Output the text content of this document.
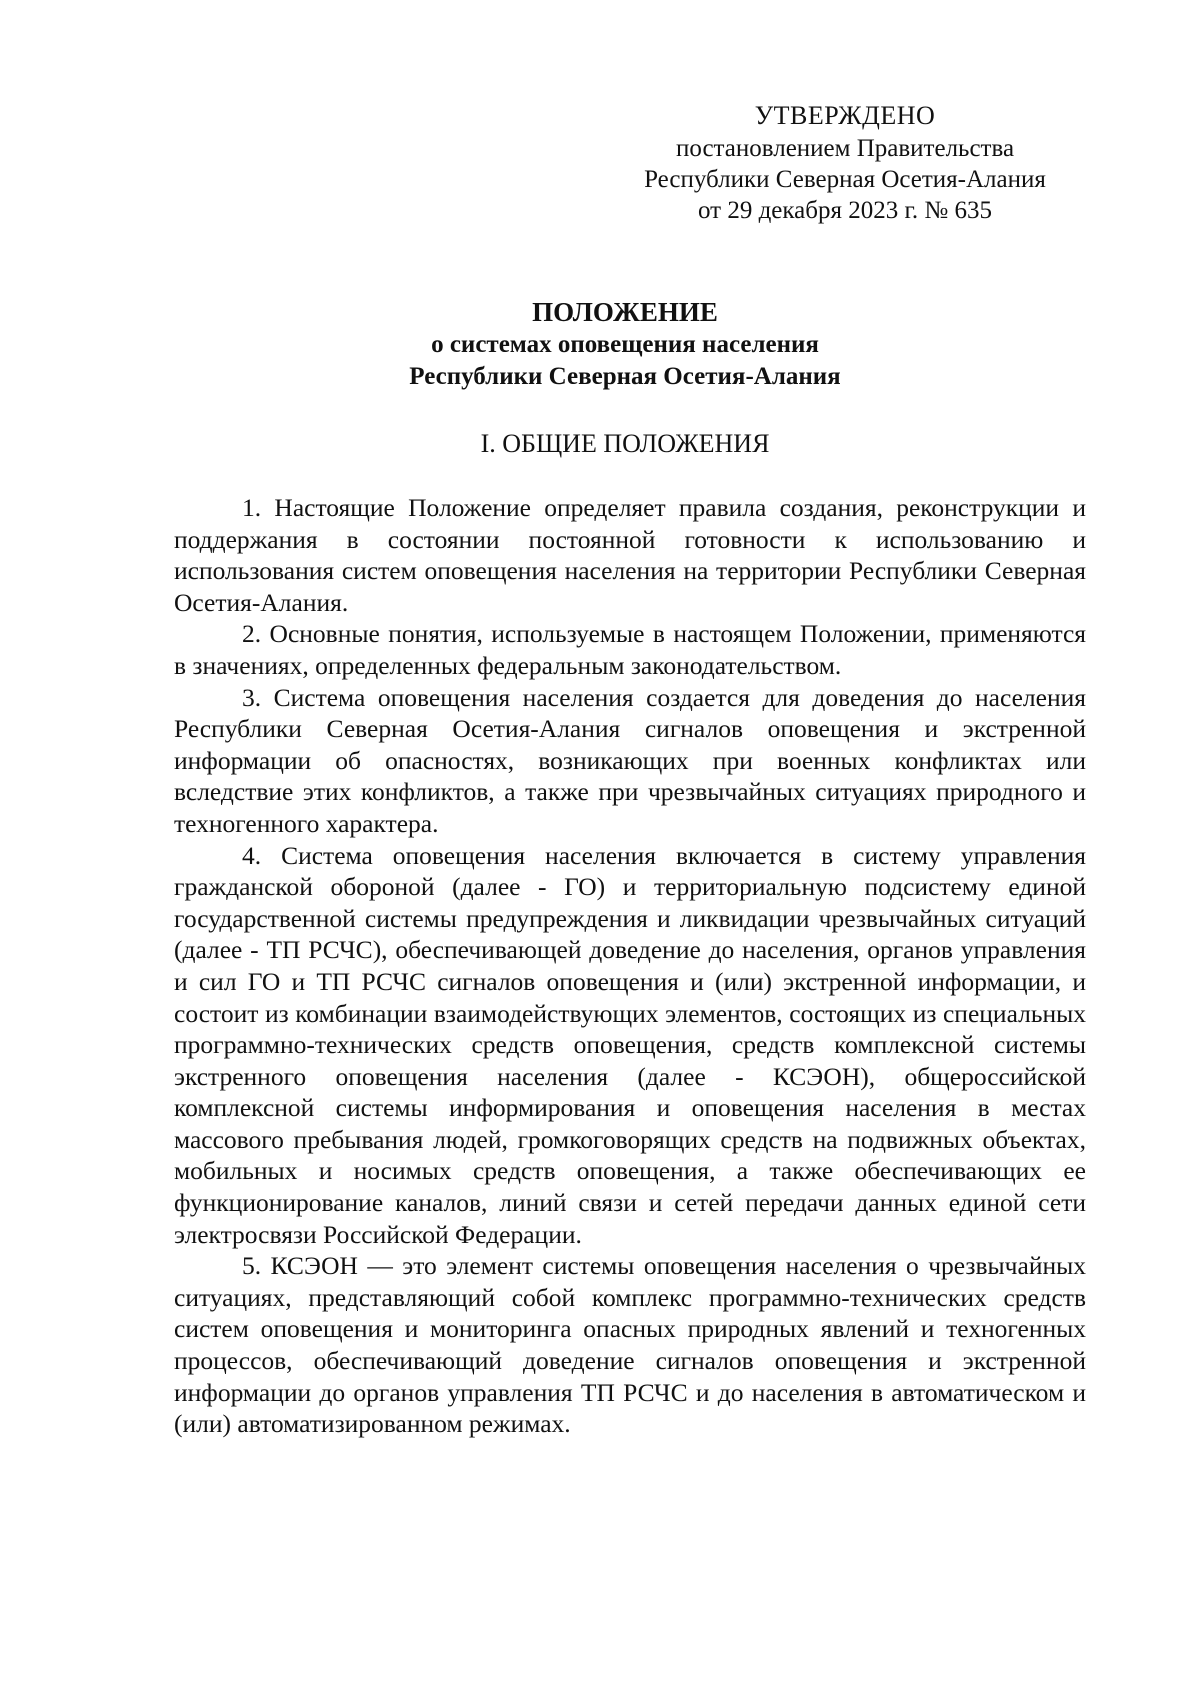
УТВЕРЖДЕНО
постановлением Правительства
Республики Северная Осетия-Алания
от 29 декабря 2023 г. № 635
ПОЛОЖЕНИЕ
о системах оповещения населения
Республики Северная Осетия-Алания
I. ОБЩИЕ ПОЛОЖЕНИЯ

1. Настоящие Положение определяет правила создания, реконструкции и поддержания в состоянии постоянной готовности к использованию и использования систем оповещения населения на территории Республики Северная Осетия-Алания.

2. Основные понятия, используемые в настоящем Положении, применяются в значениях, определенных федеральным законодательством.

3. Система оповещения населения создается для доведения до населения Республики Северная Осетия-Алания сигналов оповещения и экстренной информации об опасностях, возникающих при военных конфликтах или вследствие этих конфликтов, а также при чрезвычайных ситуациях природного и техногенного характера.

4. Система оповещения населения включается в систему управления гражданской обороной (далее - ГО) и территориальную подсистему единой государственной системы предупреждения и ликвидации чрезвычайных ситуаций (далее - ТП РСЧС), обеспечивающей доведение до населения, органов управления и сил ГО и ТП РСЧС сигналов оповещения и (или) экстренной информации, и состоит из комбинации взаимодействующих элементов, состоящих из специальных программно-технических средств оповещения, средств комплексной системы экстренного оповещения населения (далее - КСЭОН), общероссийской комплексной системы информирования и оповещения населения в местах массового пребывания людей, громкоговорящих средств на подвижных объектах, мобильных и носимых средств оповещения, а также обеспечивающих ее функционирование каналов, линий связи и сетей передачи данных единой сети электросвязи Российской Федерации.

5. КСЭОН — это элемент системы оповещения населения о чрезвычайных ситуациях, представляющий собой комплекс программно-технических средств систем оповещения и мониторинга опасных природных явлений и техногенных процессов, обеспечивающий доведение сигналов оповещения и экстренной информации до органов управления ТП РСЧС и до населения в автоматическом и (или) автоматизированном режимах.
